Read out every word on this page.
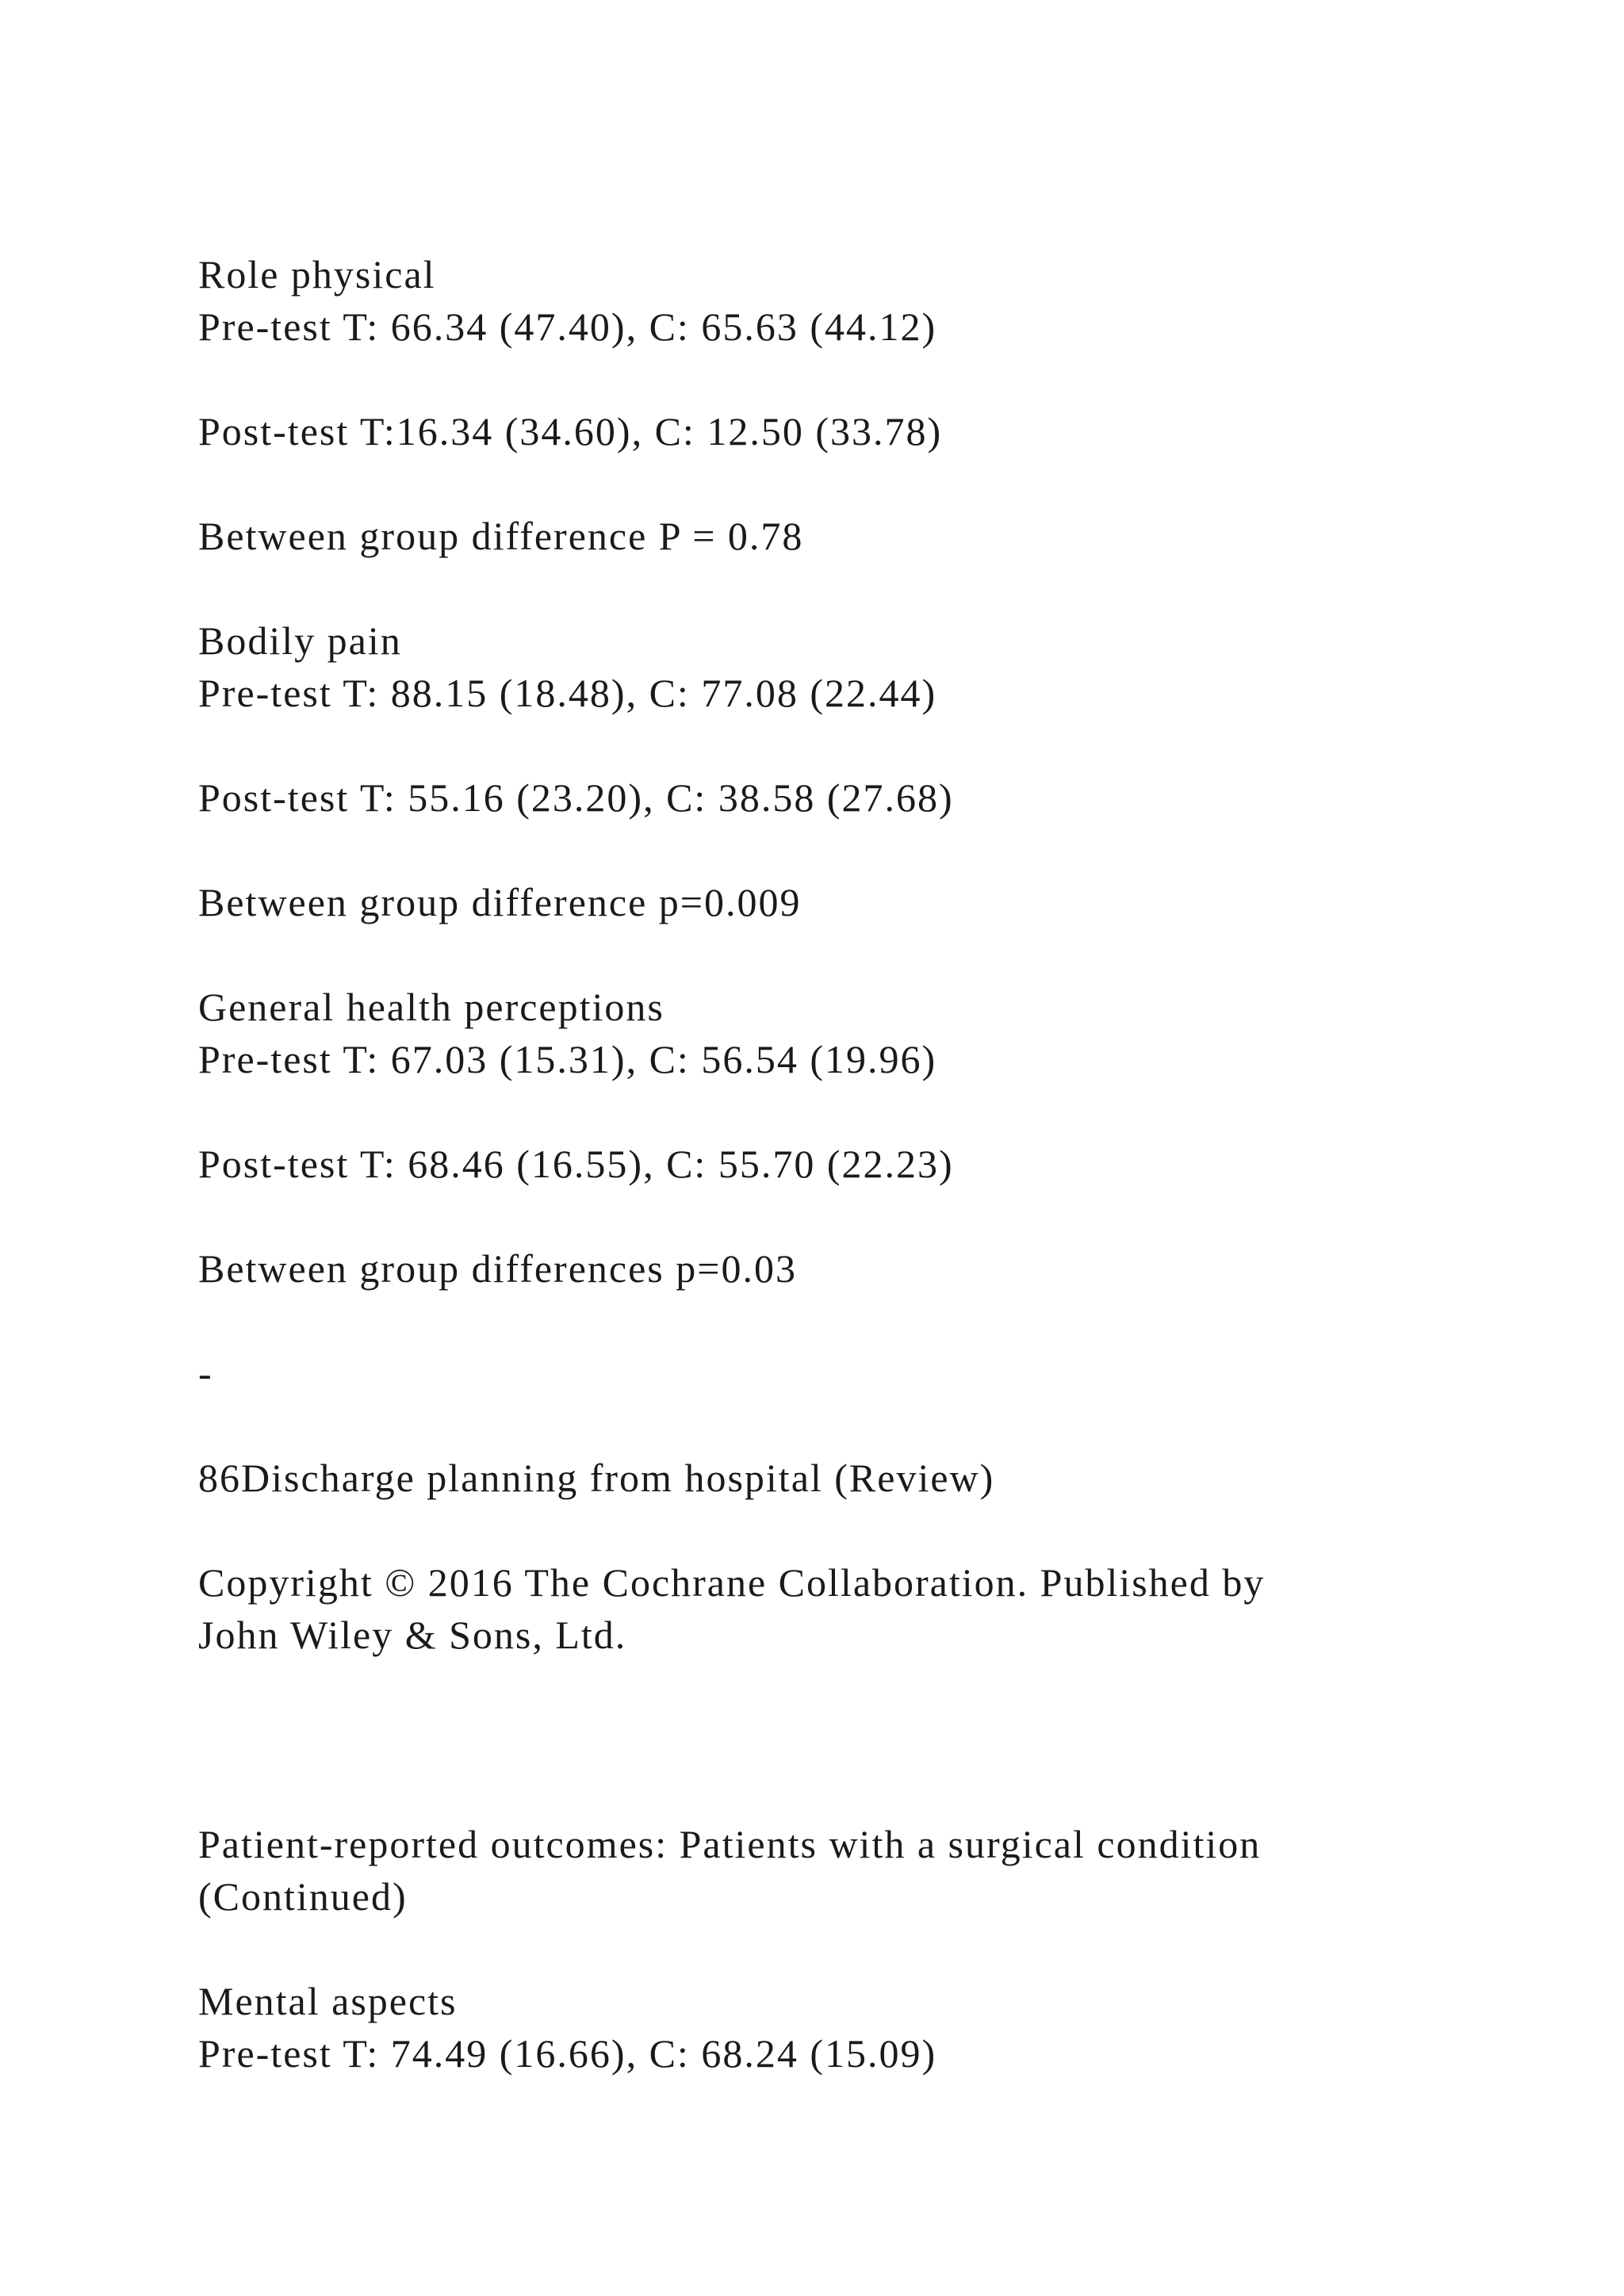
Role physical

Pre-test T: 66.34 (47.40), C: 65.63 (44.12)

Post-test T:16.34 (34.60), C: 12.50 (33.78)

Between group difference P = 0.78

Bodily pain

Pre-test T: 88.15 (18.48), C: 77.08 (22.44)

Post-test T: 55.16 (23.20), C: 38.58 (27.68)

Between group difference p=0.009

General health perceptions

Pre-test T: 67.03 (15.31), C: 56.54 (19.96)

Post-test T: 68.46 (16.55), C: 55.70 (22.23)

Between group differences p=0.03

-

86Discharge planning from hospital (Review)

Copyright © 2016 The Cochrane Collaboration. Published by

John Wiley & Sons, Ltd.

Patient-reported outcomes: Patients with a surgical condition

(Continued)

Mental aspects

Pre-test T: 74.49 (16.66), C: 68.24 (15.09)
